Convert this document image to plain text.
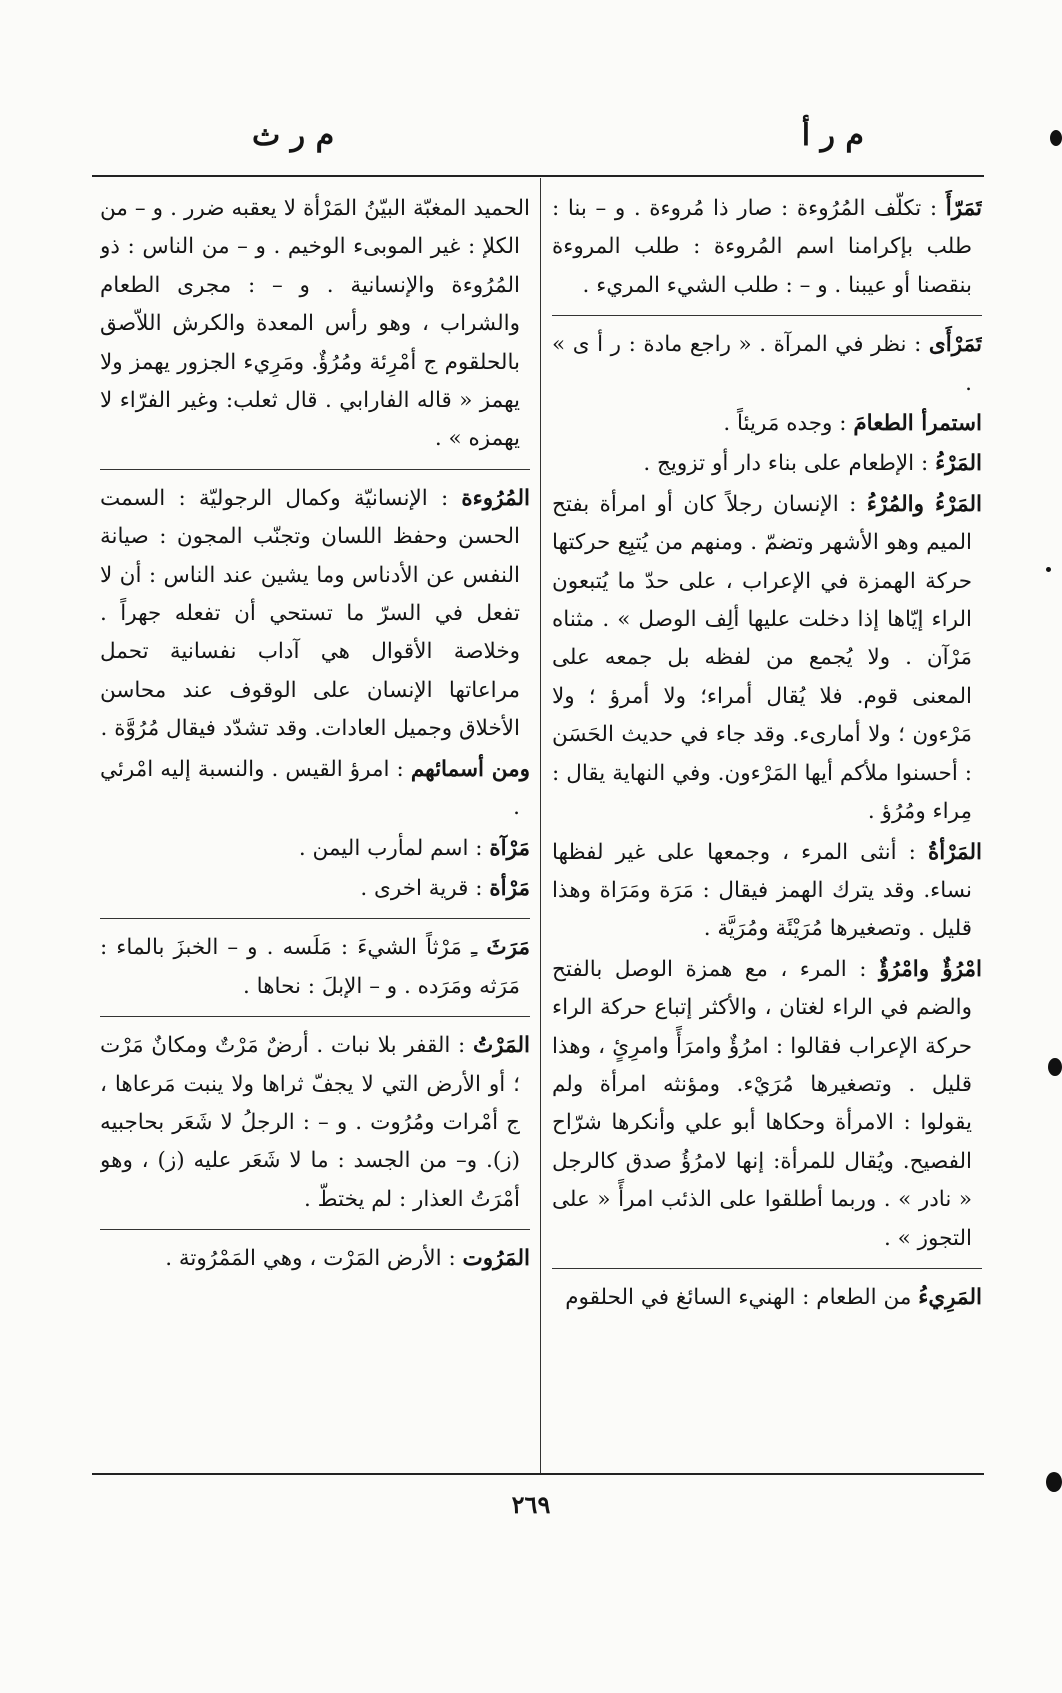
م ر أ
م ر ث

تَمَرّأَ : تكلّف المُرُوءة : صار ذا مُروءة . و – بنا : طلب بإكرامنا اسم المُروءة : طلب المروءة بنقصنا أو عيبنا . و – : طلب الشيء المريء .

تَمَرْأَى : نظر في المرآة . « راجع مادة : ر أ ى » .

استمرأ الطعامَ : وجده مَريئاً .

المَرْءُ : الإطعام على بناء دار أو تزويج .

المَرْءُ والمُرْءُ : الإنسان رجلاً كان أو امرأة بفتح الميم وهو الأشهر وتضمّ . ومنهم من يُتبِع حركتها حركة الهمزة في الإعراب ، على حدّ ما يُتبعون الراء إيّاها إذا دخلت عليها ألِف الوصل » . مثناه مَرْآن . ولا يُجمع من لفظه بل جمعه على المعنى قوم. فلا يُقال أمراء؛ ولا أمرؤ ؛ ولا مَرْءون ؛ ولا أمارىء. وقد جاء في حديث الحَسَن : أحسنوا ملأكم أيها المَرْءون. وفي النهاية يقال : مِراء ومُرُؤ .

المَرْأةُ : أنثى المرء ، وجمعها على غير لفظها نساء. وقد يترك الهمز فيقال : مَرَة ومَرَاة وهذا قليل . وتصغيرها مُرَيْئَة ومُرَيَّة .

امْرُؤٌ وامْرُؤٌ : المرء ، مع همزة الوصل بالفتح والضم في الراء لغتان ، والأكثر إتباع حركة الراء حركة الإعراب فقالوا : امرُؤٌ وامرَأً وامرِئٍ ، وهذا قليل . وتصغيرها مُرَيْء. ومؤنثه امرأة ولم يقولوا : الامرأة وحكاها أبو علي وأنكرها شرّاح الفصيح. ويُقال للمرأة: إنها لامرُؤُ صدق كالرجل « نادر » . وربما أطلقوا على الذئب امرأً « على التجوز » .

المَرِيءُ من الطعام : الهنيء السائغ في الحلقوم

الحميد المغبّة البيّنُ المَرْأة لا يعقبه ضرر . و – من الكلإ : غير الموبىء الوخيم . و – من الناس : ذو المُرُوءة والإنسانية . و – : مجرى الطعام والشراب ، وهو رأس المعدة والكرش اللاّصق بالحلقوم ج أمْرِئة ومُرُؤٌ. ومَرِيء الجزور يهمز ولا يهمز « قاله الفارابي . قال ثعلب: وغير الفرّاء لا يهمزه » .

المُرُوءة : الإنسانيّة وكمال الرجوليّة : السمت الحسن وحفظ اللسان وتجنّب المجون : صيانة النفس عن الأدناس وما يشين عند الناس : أن لا تفعل في السرّ ما تستحي أن تفعله جهراً . وخلاصة الأقوال هي آداب نفسانية تحمل مراعاتها الإنسان على الوقوف عند محاسن الأخلاق وجميل العادات. وقد تشدّد فيقال مُرُوَّة .

ومن أسمائهم : امرؤ القيس . والنسبة إليه امْرئي .

مَرْآة : اسم لمأرب اليمن .

مَرْأة : قرية اخرى .

مَرَثَ ـِ مَرْثاً الشيءَ : مَلَسه . و – الخبزَ بالماء : مَرَثه ومَرَده . و – الإبلَ : نحاها .

المَرْتُ : القفر بلا نبات . أرضٌ مَرْتٌ ومكانٌ مَرْت ؛ أو الأرض التي لا يجفّ ثراها ولا ينبت مَرعاها ، ج أمْرات ومُرُوت . و – : الرجلُ لا شَعَر بحاجبيه (ز). و– من الجسد : ما لا شَعَر عليه (ز) ، وهو أمْرَتُ العذار : لم يختطّ .

المَرُوت : الأرض المَرْت ، وهي المَمْرُوتة .

٢٦٩
